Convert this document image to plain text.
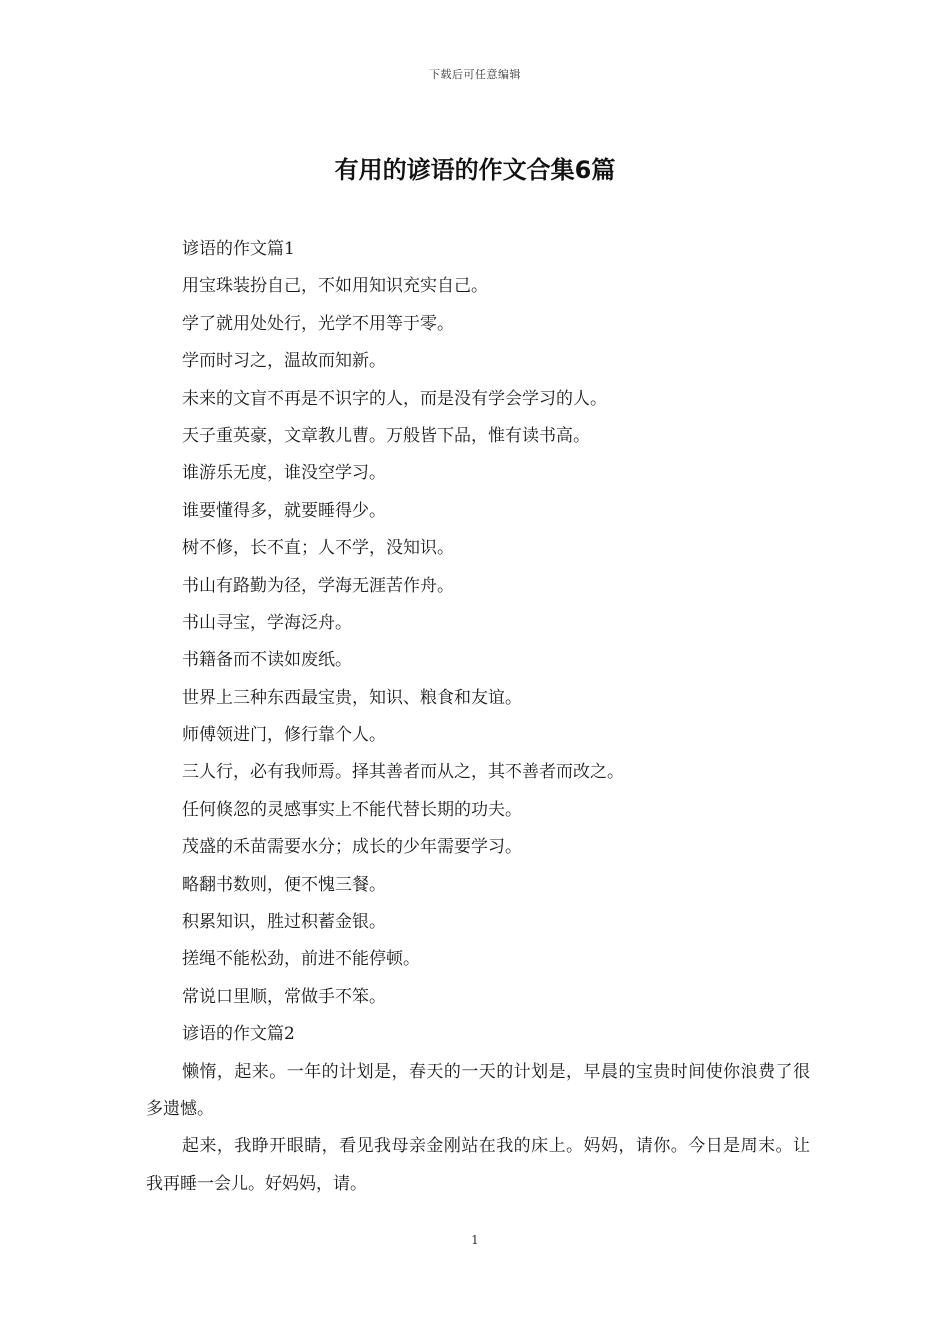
下载后可任意编辑
有用的谚语的作文合集6篇

谚语的作文篇1

用宝珠装扮自己，不如用知识充实自己。

学了就用处处行，光学不用等于零。

学而时习之，温故而知新。

未来的文盲不再是不识字的人，而是没有学会学习的人。

天子重英豪，文章教儿曹。万般皆下品，惟有读书高。

谁游乐无度，谁没空学习。

谁要懂得多，就要睡得少。

树不修，长不直；人不学，没知识。

书山有路勤为径，学海无涯苦作舟。

书山寻宝，学海泛舟。

书籍备而不读如废纸。

世界上三种东西最宝贵，知识、粮食和友谊。

师傅领进门，修行靠个人。

三人行，必有我师焉。择其善者而从之，其不善者而改之。

任何倏忽的灵感事实上不能代替长期的功夫。

茂盛的禾苗需要水分；成长的少年需要学习。

略翻书数则，便不愧三餐。

积累知识，胜过积蓄金银。

搓绳不能松劲，前进不能停顿。

常说口里顺，常做手不笨。

谚语的作文篇2

懒惰，起来。一年的计划是，春天的一天的计划是，早晨的宝贵时间使你浪费了很多遗憾。

起来，我睁开眼睛，看见我母亲金刚站在我的床上。妈妈，请你。今日是周末。让我再睡一会儿。好妈妈，请。

1
